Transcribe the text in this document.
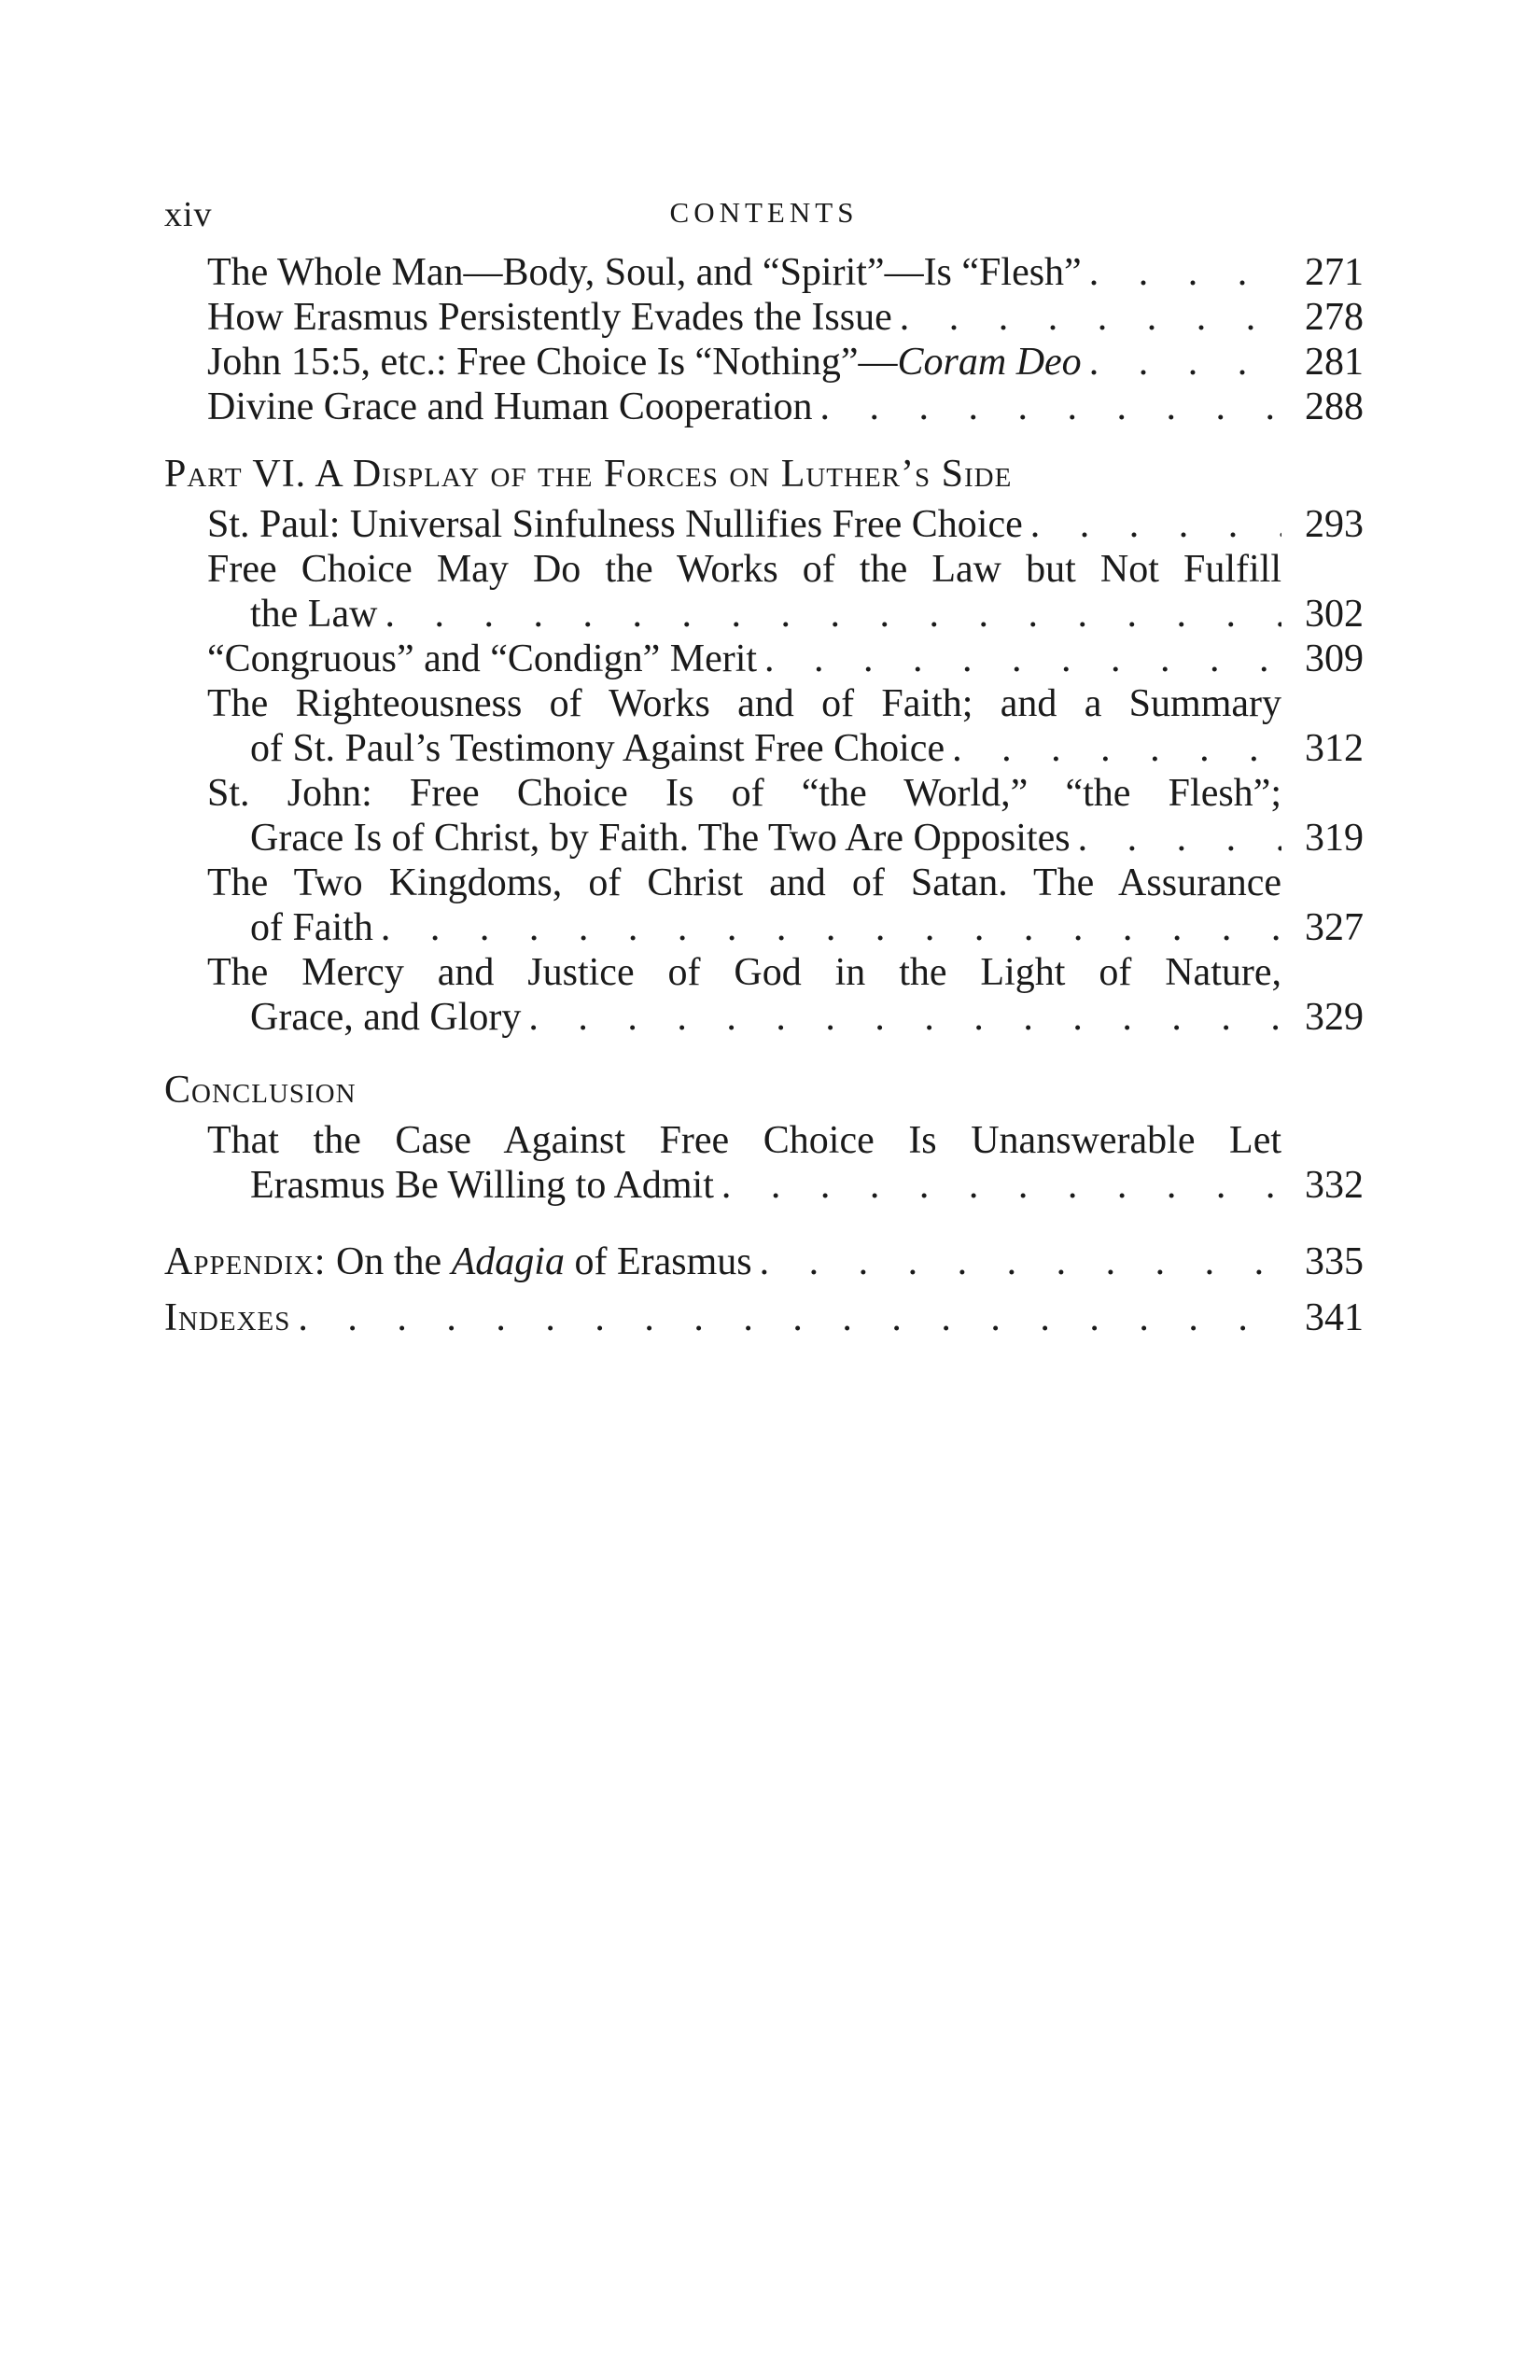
xiv	CONTENTS
The Whole Man—Body, Soul, and “Spirit”—Is “Flesh” . . .	271
How Erasmus Persistently Evades the Issue . . .	278
John 15:5, etc.: Free Choice Is “Nothing”—Coram Deo . . .	281
Divine Grace and Human Cooperation . . .	288
Part VI. A Display of the Forces on Luther’s Side
St. Paul: Universal Sinfulness Nullifies Free Choice . . .	293
Free Choice May Do the Works of the Law but Not Fulfill
the Law . . .	302
“Congruous” and “Condign” Merit . . .	309
The Righteousness of Works and of Faith; and a Summary
of St. Paul’s Testimony Against Free Choice . . .	312
St. John: Free Choice Is of “the World,” “the Flesh”;
Grace Is of Christ, by Faith. The Two Are Opposites . . .	319
The Two Kingdoms, of Christ and of Satan. The Assurance
of Faith . . .	327
The Mercy and Justice of God in the Light of Nature,
Grace, and Glory . . .	329
Conclusion
That the Case Against Free Choice Is Unanswerable Let
Erasmus Be Willing to Admit . . .	332
Appendix: On the Adagia of Erasmus . . .	335
Indexes . . .	341
